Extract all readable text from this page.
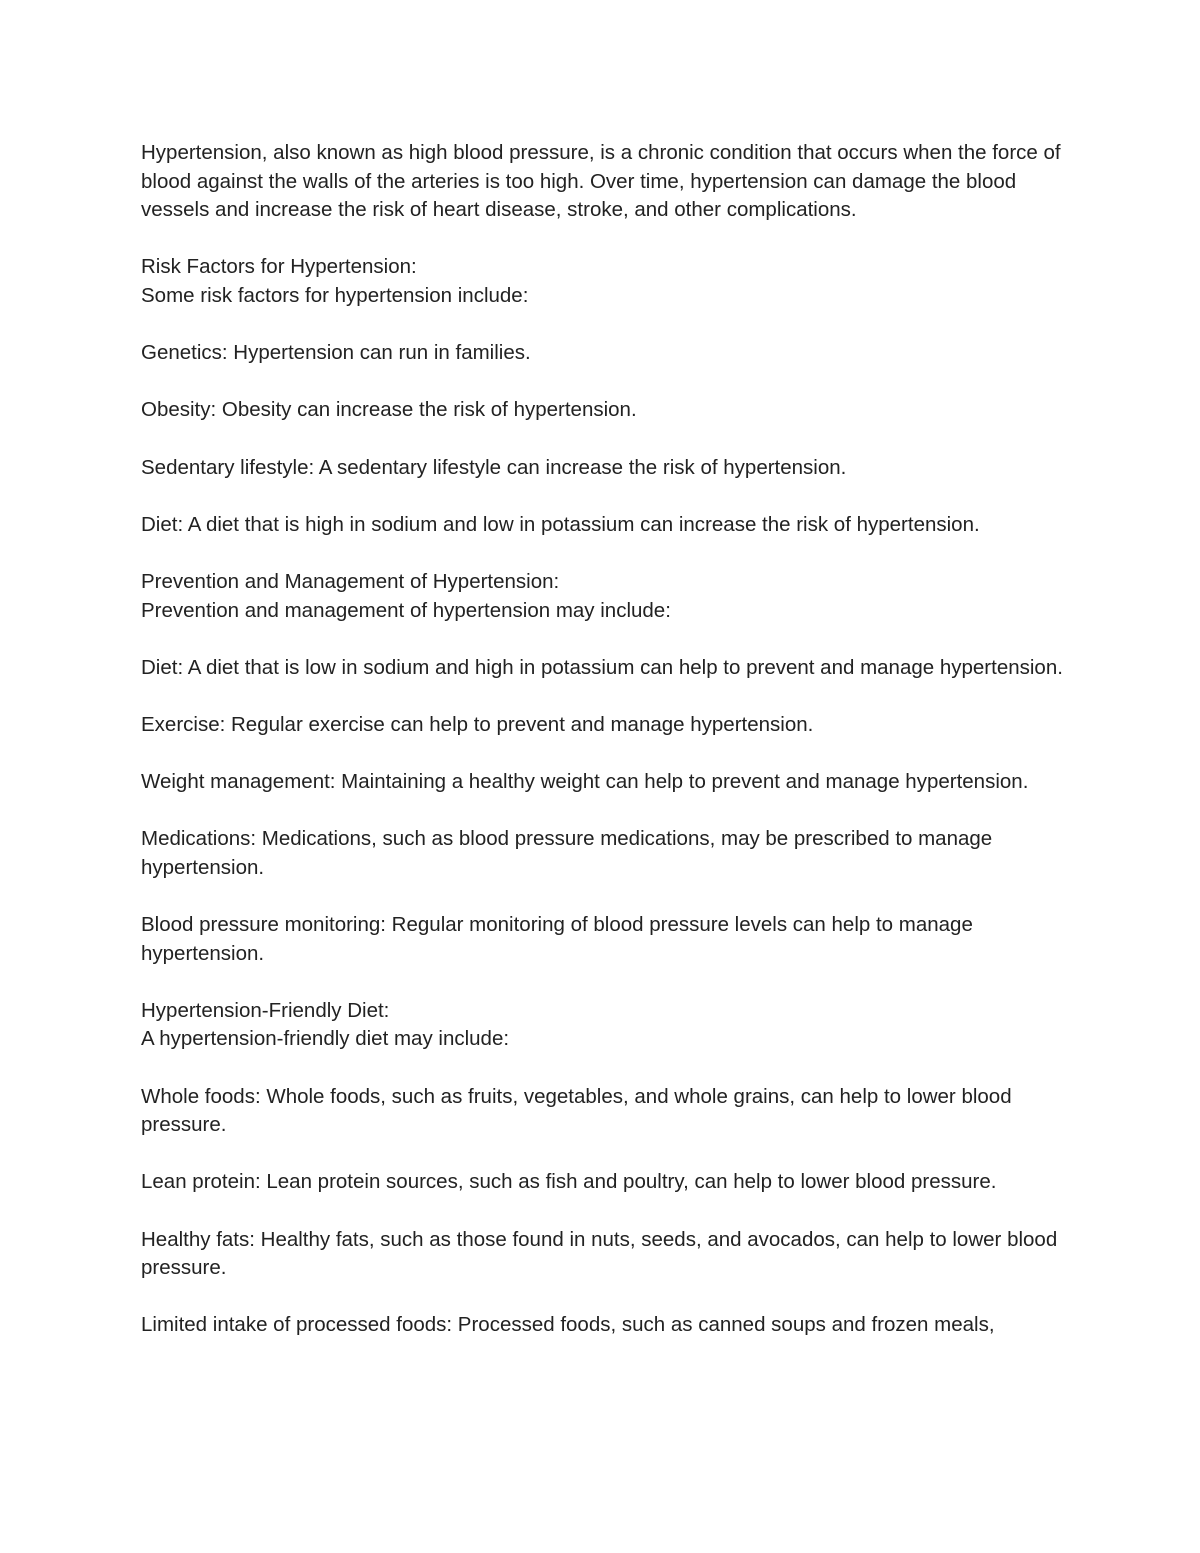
Hypertension, also known as high blood pressure, is a chronic condition that occurs when the force of blood against the walls of the arteries is too high. Over time, hypertension can damage the blood vessels and increase the risk of heart disease, stroke, and other complications.

Risk Factors for Hypertension:

Some risk factors for hypertension include:

Genetics: Hypertension can run in families.

Obesity: Obesity can increase the risk of hypertension.

Sedentary lifestyle: A sedentary lifestyle can increase the risk of hypertension.

Diet: A diet that is high in sodium and low in potassium can increase the risk of hypertension.

Prevention and Management of Hypertension:

Prevention and management of hypertension may include:

Diet: A diet that is low in sodium and high in potassium can help to prevent and manage hypertension.

Exercise: Regular exercise can help to prevent and manage hypertension.

Weight management: Maintaining a healthy weight can help to prevent and manage hypertension.

Medications: Medications, such as blood pressure medications, may be prescribed to manage hypertension.

Blood pressure monitoring: Regular monitoring of blood pressure levels can help to manage hypertension.

Hypertension-Friendly Diet:

A hypertension-friendly diet may include:

Whole foods: Whole foods, such as fruits, vegetables, and whole grains, can help to lower blood pressure.

Lean protein: Lean protein sources, such as fish and poultry, can help to lower blood pressure.

Healthy fats: Healthy fats, such as those found in nuts, seeds, and avocados, can help to lower blood pressure.

Limited intake of processed foods: Processed foods, such as canned soups and frozen meals,
